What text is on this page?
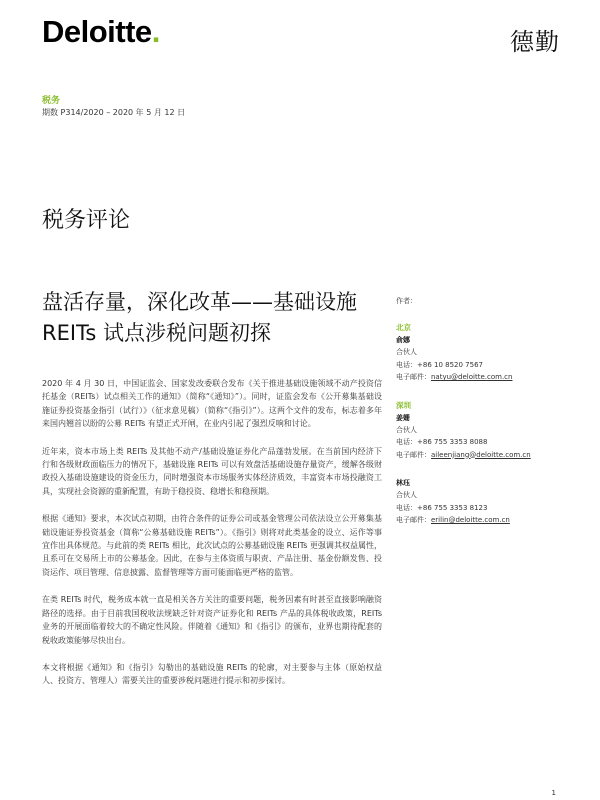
Deloitte.	德勤
税务
期数 P314/2020 – 2020 年 5 月 12 日
税务评论
盘活存量，深化改革——基础设施 REITs 试点涉税问题初探

2020 年 4 月 30 日，中国证监会、国家发改委联合发布《关于推进基础设施领域不动产投资信托基金（REITs）试点相关工作的通知》（简称“《通知》”）。同时，证监会发布《公开募集基础设施证券投资基金指引（试行）》（征求意见稿）（简称“《指引》”）。这两个文件的发布，标志着多年来国内翘首以盼的公募 REITs 有望正式开闸，在业内引起了强烈反响和讨论。

近年来，资本市场上类 REITs 及其他不动产/基础设施证券化产品蓬勃发展。在当前国内经济下行和各级财政面临压力的情况下，基础设施 REITs 可以有效盘活基础设施存量资产，缓解各级财政投入基础设施建设的资金压力，同时增强资本市场服务实体经济质效，丰富资本市场投融资工具，实现社会资源的重新配置，有助于稳投资、稳增长和稳预期。

根据《通知》要求，本次试点初期，由符合条件的证券公司或基金管理公司依法设立公开募集基础设施证券投资基金（简称“公募基础设施 REITs”）。《指引》则将对此类基金的设立、运作等事宜作出具体规范。与此前的类 REITs 相比，此次试点的公募基础设施 REITs 更强调其权益属性，且系可在交易所上市的公募基金。因此，在参与主体资质与职责、产品注册、基金份额发售、投资运作、项目管理、信息披露、监督管理等方面可能面临更严格的监管。

在类 REITs 时代，税务成本就一直是相关各方关注的重要问题，税务因素有时甚至直接影响融资路径的选择。由于目前我国税收法规缺乏针对资产证券化和 REITs 产品的具体税收政策，REITs 业务的开展面临着较大的不确定性风险。伴随着《通知》和《指引》的颁布，业界也期待配套的税收政策能够尽快出台。

本文将根据《通知》和《指引》勾勒出的基础设施 REITs 的轮廓，对主要参与主体（原始权益人、投资方、管理人）需要关注的重要涉税问题进行提示和初步探讨。

作者：
北京
俞娜
合伙人
电话：+86 10 8520 7567
电子邮件：natyu@deloitte.com.cn
深圳
姜姗
合伙人
电话：+86 755 3353 8088
电子邮件：aileenjiang@deloitte.com.cn
林珏
合伙人
电话：+86 755 3353 8123
电子邮件：erilin@deloitte.com.cn
1
